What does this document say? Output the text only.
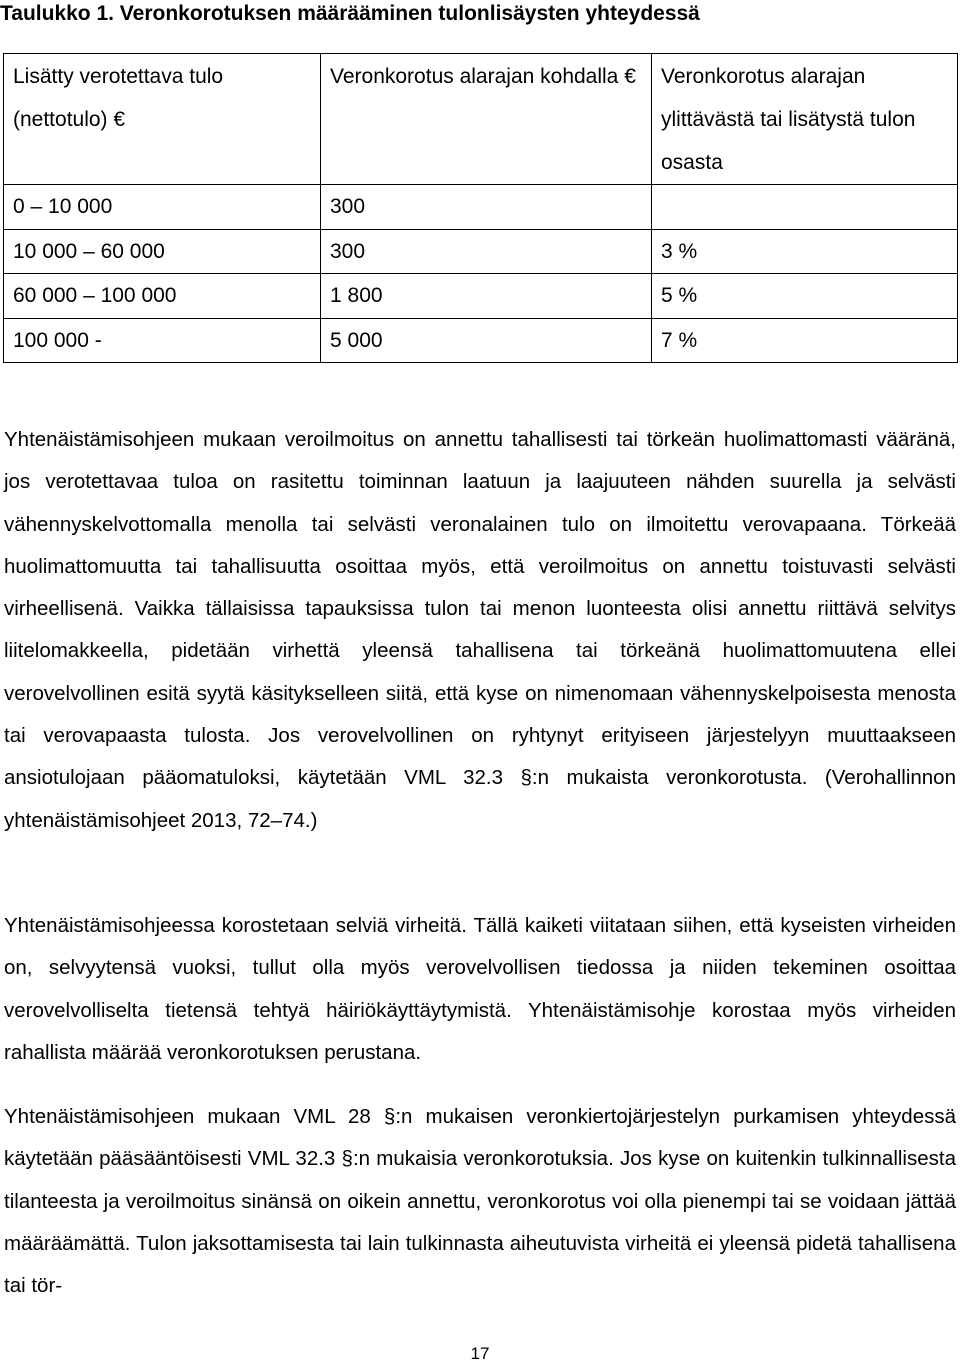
Taulukko 1. Veronkorotuksen määrääminen tulonlisäysten yhteydessä
Lisätty verotettava tulo (nettotulo) €	Veronkorotus alarajan kohdalla €	Veronkorotus alarajan ylittävästä tai lisätystä tulon osasta
0 – 10 000	300	
10 000 – 60 000	300	3 %
60 000 – 100 000	1 800	5 %
100 000 -	5 000	7 %

Yhtenäistämisohjeen mukaan veroilmoitus on annettu tahallisesti tai törkeän huolimattomasti vääränä, jos verotettavaa tuloa on rasitettu toiminnan laatuun ja laajuuteen nähden suurella ja selvästi vähennyskelvottomalla menolla tai selvästi veronalainen tulo on ilmoitettu verovapaana. Törkeää huolimattomuutta tai tahallisuutta osoittaa myös, että veroilmoitus on annettu toistuvasti selvästi virheellisenä. Vaikka tällaisissa tapauksissa tulon tai menon luonteesta olisi annettu riittävä selvitys liitelomakkeella, pidetään virhettä yleensä tahallisena tai törkeänä huolimattomuutena ellei verovelvollinen esitä syytä käsitykselleen siitä, että kyse on nimenomaan vähennyskelpoisesta menosta tai verovapaasta tulosta. Jos verovelvollinen on ryhtynyt erityiseen järjestelyyn muuttaakseen ansiotulojaan pääomatuloksi, käytetään VML 32.3 §:n mukaista veronkorotusta. (Verohallinnon yhtenäistämisohjeet 2013, 72–74.)

Yhtenäistämisohjeessa korostetaan selviä virheitä. Tällä kaiketi viitataan siihen, että kyseisten virheiden on, selvyytensä vuoksi, tullut olla myös verovelvollisen tiedossa ja niiden tekeminen osoittaa verovelvolliselta tietensä tehtyä häiriökäyttäytymistä. Yhtenäistämisohje korostaa myös virheiden rahallista määrää veronkorotuksen perustana.

Yhtenäistämisohjeen mukaan VML 28 §:n mukaisen veronkiertojärjestelyn purkamisen yhteydessä käytetään pääsääntöisesti VML 32.3 §:n mukaisia veronkorotuksia. Jos kyse on kuitenkin tulkinnallisesta tilanteesta ja veroilmoitus sinänsä on oikein annettu, veronkorotus voi olla pienempi tai se voidaan jättää määräämättä. Tulon jaksottamisesta tai lain tulkinnasta aiheutuvista virheitä ei yleensä pidetä tahallisena tai tör-

17
